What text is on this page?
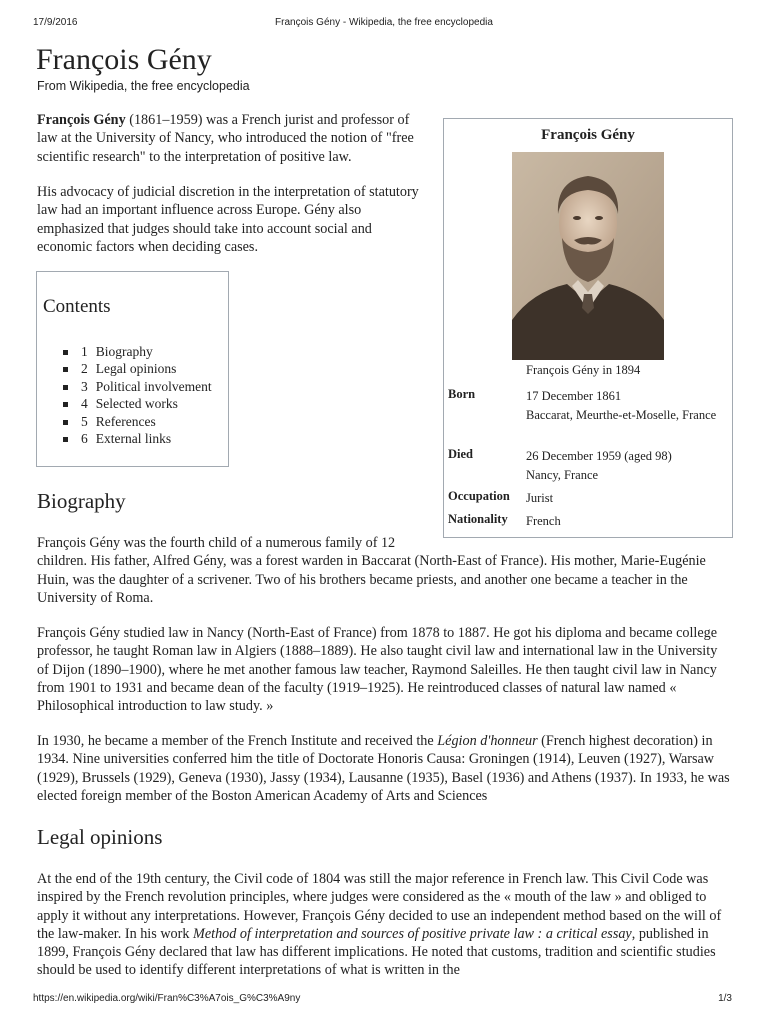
17/9/2016	François Gény - Wikipedia, the free encyclopedia
François Gény
From Wikipedia, the free encyclopedia

François Gény (1861–1959) was a French jurist and professor of law at the University of Nancy, who introduced the notion of "free scientific research" to the interpretation of positive law.

His advocacy of judicial discretion in the interpretation of statutory law had an important influence across Europe. Gény also emphasized that judges should take into account social and economic factors when deciding cases.

Contents
1 Biography
2 Legal opinions
3 Political involvement
4 Selected works
5 References
6 External links
François Gény
François Gény in 1894
Born	17 December 1861
Baccarat, Meurthe-et-Moselle, France
Died	26 December 1959 (aged 98)
Nancy, France
Occupation Jurist
Nationality French
Biography

François Gény was the fourth child of a numerous family of 12
children. His father, Alfred Gény, was a forest warden in Baccarat (North-East of France). His mother, Marie-Eugénie Huin, was the daughter of a scrivener. Two of his brothers became priests, and another one became a teacher in the University of Roma.

François Gény studied law in Nancy (North-East of France) from 1878 to 1887. He got his diploma and became college professor, he taught Roman law in Algiers (1888–1889). He also taught civil law and international law in the University of Dijon (1890–1900), where he met another famous law teacher, Raymond Saleilles. He then taught civil law in Nancy from 1901 to 1931 and became dean of the faculty (1919–1925). He reintroduced classes of natural law named « Philosophical introduction to law study. »

In 1930, he became a member of the French Institute and received the Légion d'honneur (French highest decoration) in 1934. Nine universities conferred him the title of Doctorate Honoris Causa: Groningen (1914), Leuven (1927), Warsaw (1929), Brussels (1929), Geneva (1930), Jassy (1934), Lausanne (1935), Basel (1936) and Athens (1937). In 1933, he was elected foreign member of the Boston American Academy of Arts and Sciences

Legal opinions

At the end of the 19th century, the Civil code of 1804 was still the major reference in French law. This Civil Code was inspired by the French revolution principles, where judges were considered as the « mouth of the law » and obliged to apply it without any interpretations. However, François Gény decided to use an independent method based on the will of the law-maker. In his work Method of interpretation and sources of positive private law : a critical essay, published in 1899, François Gény declared that law has different implications. He noted that customs, tradition and scientific studies should be used to identify different interpretations of what is written in the

https://en.wikipedia.org/wiki/Fran%C3%A7ois_G%C3%A9ny	1/3
